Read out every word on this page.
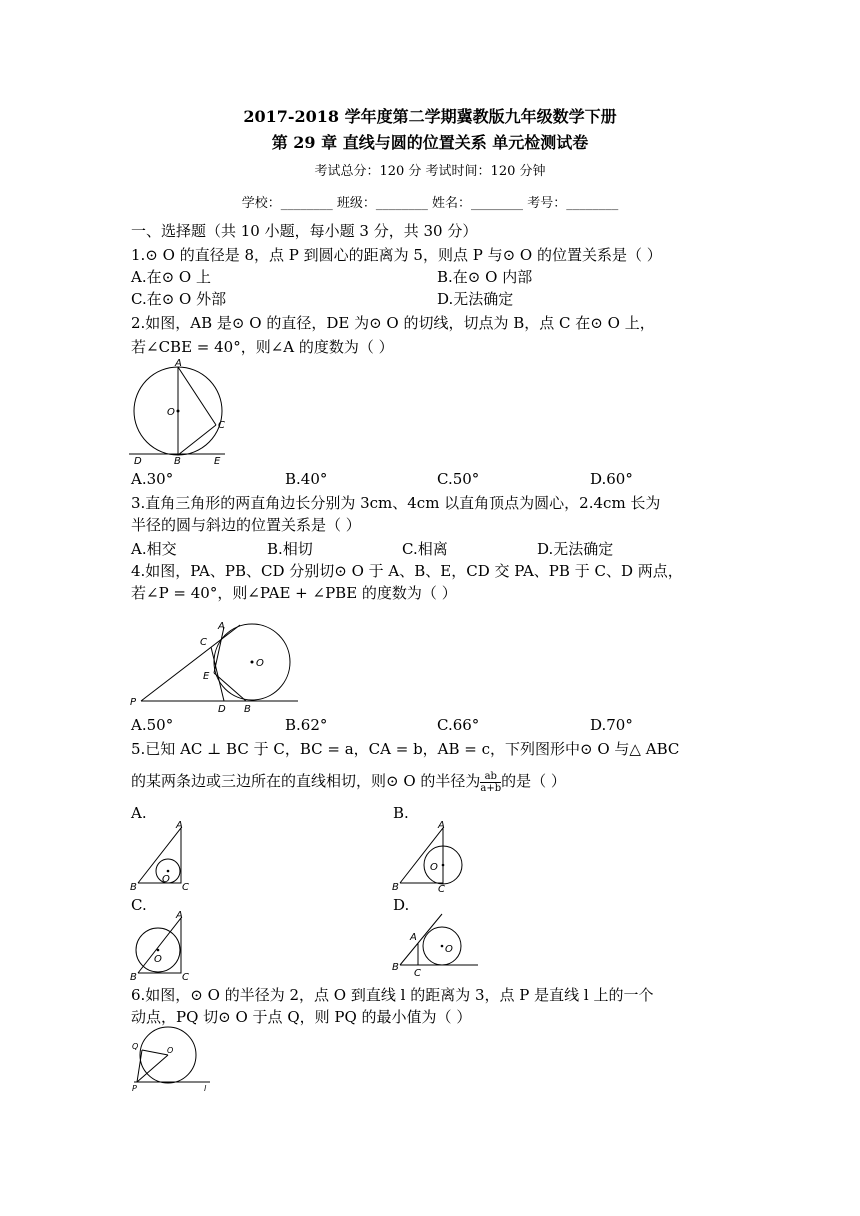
2017-2018 学年度第二学期冀教版九年级数学下册
第 29 章 直线与圆的位置关系 单元检测试卷
考试总分：120 分 考试时间：120 分钟
学校：________ 班级：________ 姓名：________ 考号：________
一、选择题（共 10 小题，每小题 3 分，共 30 分）
1.⊙ O 的直径是 8，点 P 到圆心的距离为 5，则点 P 与⊙ O 的位置关系是（ ）
A.在⊙ O 上	B.在⊙ O 内部
C.在⊙ O 外部	D.无法确定
2.如图，AB 是⊙ O 的直径，DE 为⊙ O 的切线，切点为 B，点 C 在⊙ O 上，
若∠CBE = 40°，则∠A 的度数为（ ）
A
O
C
D	B	E
A.30°	B.40°	C.50°	D.60°
3.直角三角形的两直角边长分别为 3cm、4cm 以直角顶点为圆心，2.4cm 长为
半径的圆与斜边的位置关系是（ ）
A.相交	B.相切	C.相离	D.无法确定
4.如图，PA、PB、CD 分别切⊙ O 于 A、B、E，CD 交 PA、PB 于 C、D 两点，
若∠P = 40°，则∠PAE + ∠PBE 的度数为（ ）
A
C
O
E
P
D B
A.50°	B.62°	C.66°	D.70°
5.已知 AC ⊥ BC 于 C，BC = a，CA = b，AB = c，下列图形中⊙ O 与△ ABC
的某两条边或三边所在的直线相切，则⊙ O 的半径为 $\frac{ab}{a+b}$ 的是（ ）
A.	B.
A
B	C
O
A
B	C
O
C.	D.
A
B	C
O
A
B
C
O
6.如图，⊙ O 的半径为 2，点 O 到直线 l 的距离为 3，点 P 是直线 l 上的一个
动点，PQ 切⊙ O 于点 Q，则 PQ 的最小值为（ ）
Q	O
P	l
